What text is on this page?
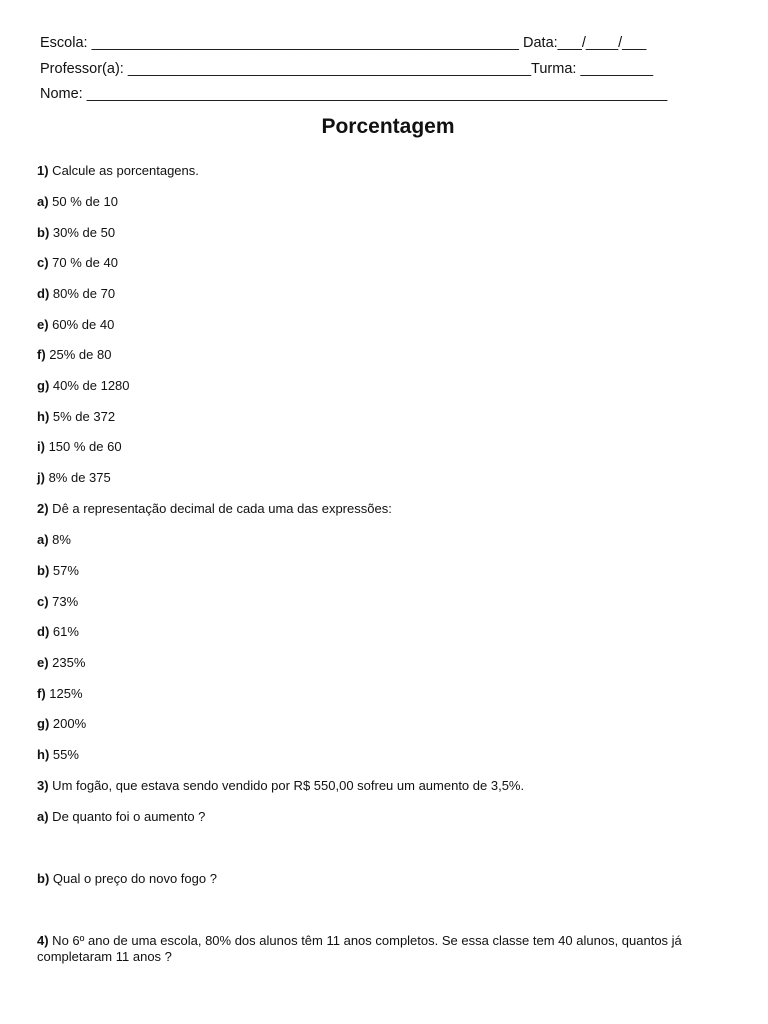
Escola: _____________________________________________________ Data:___/____/___
Professor(a): __________________________________________________Turma: _________
Nome: ________________________________________________________________________
Porcentagem
1) Calcule as porcentagens.
a) 50 % de 10
b) 30% de 50
c) 70 % de 40
d) 80% de 70
e) 60% de 40
f) 25% de 80
g) 40% de 1280
h) 5% de 372
i) 150 % de 60
j) 8% de 375
2) Dê a representação decimal de cada uma das expressões:
a) 8%
b) 57%
c) 73%
d) 61%
e) 235%
f) 125%
g) 200%
h) 55%
3) Um fogão, que estava sendo vendido por R$ 550,00 sofreu um aumento de 3,5%.
a) De quanto foi o aumento ?
b) Qual o preço do novo fogo ?
4) No 6º ano de uma escola, 80% dos alunos têm 11 anos completos. Se essa classe tem 40 alunos, quantos já completaram 11 anos ?
